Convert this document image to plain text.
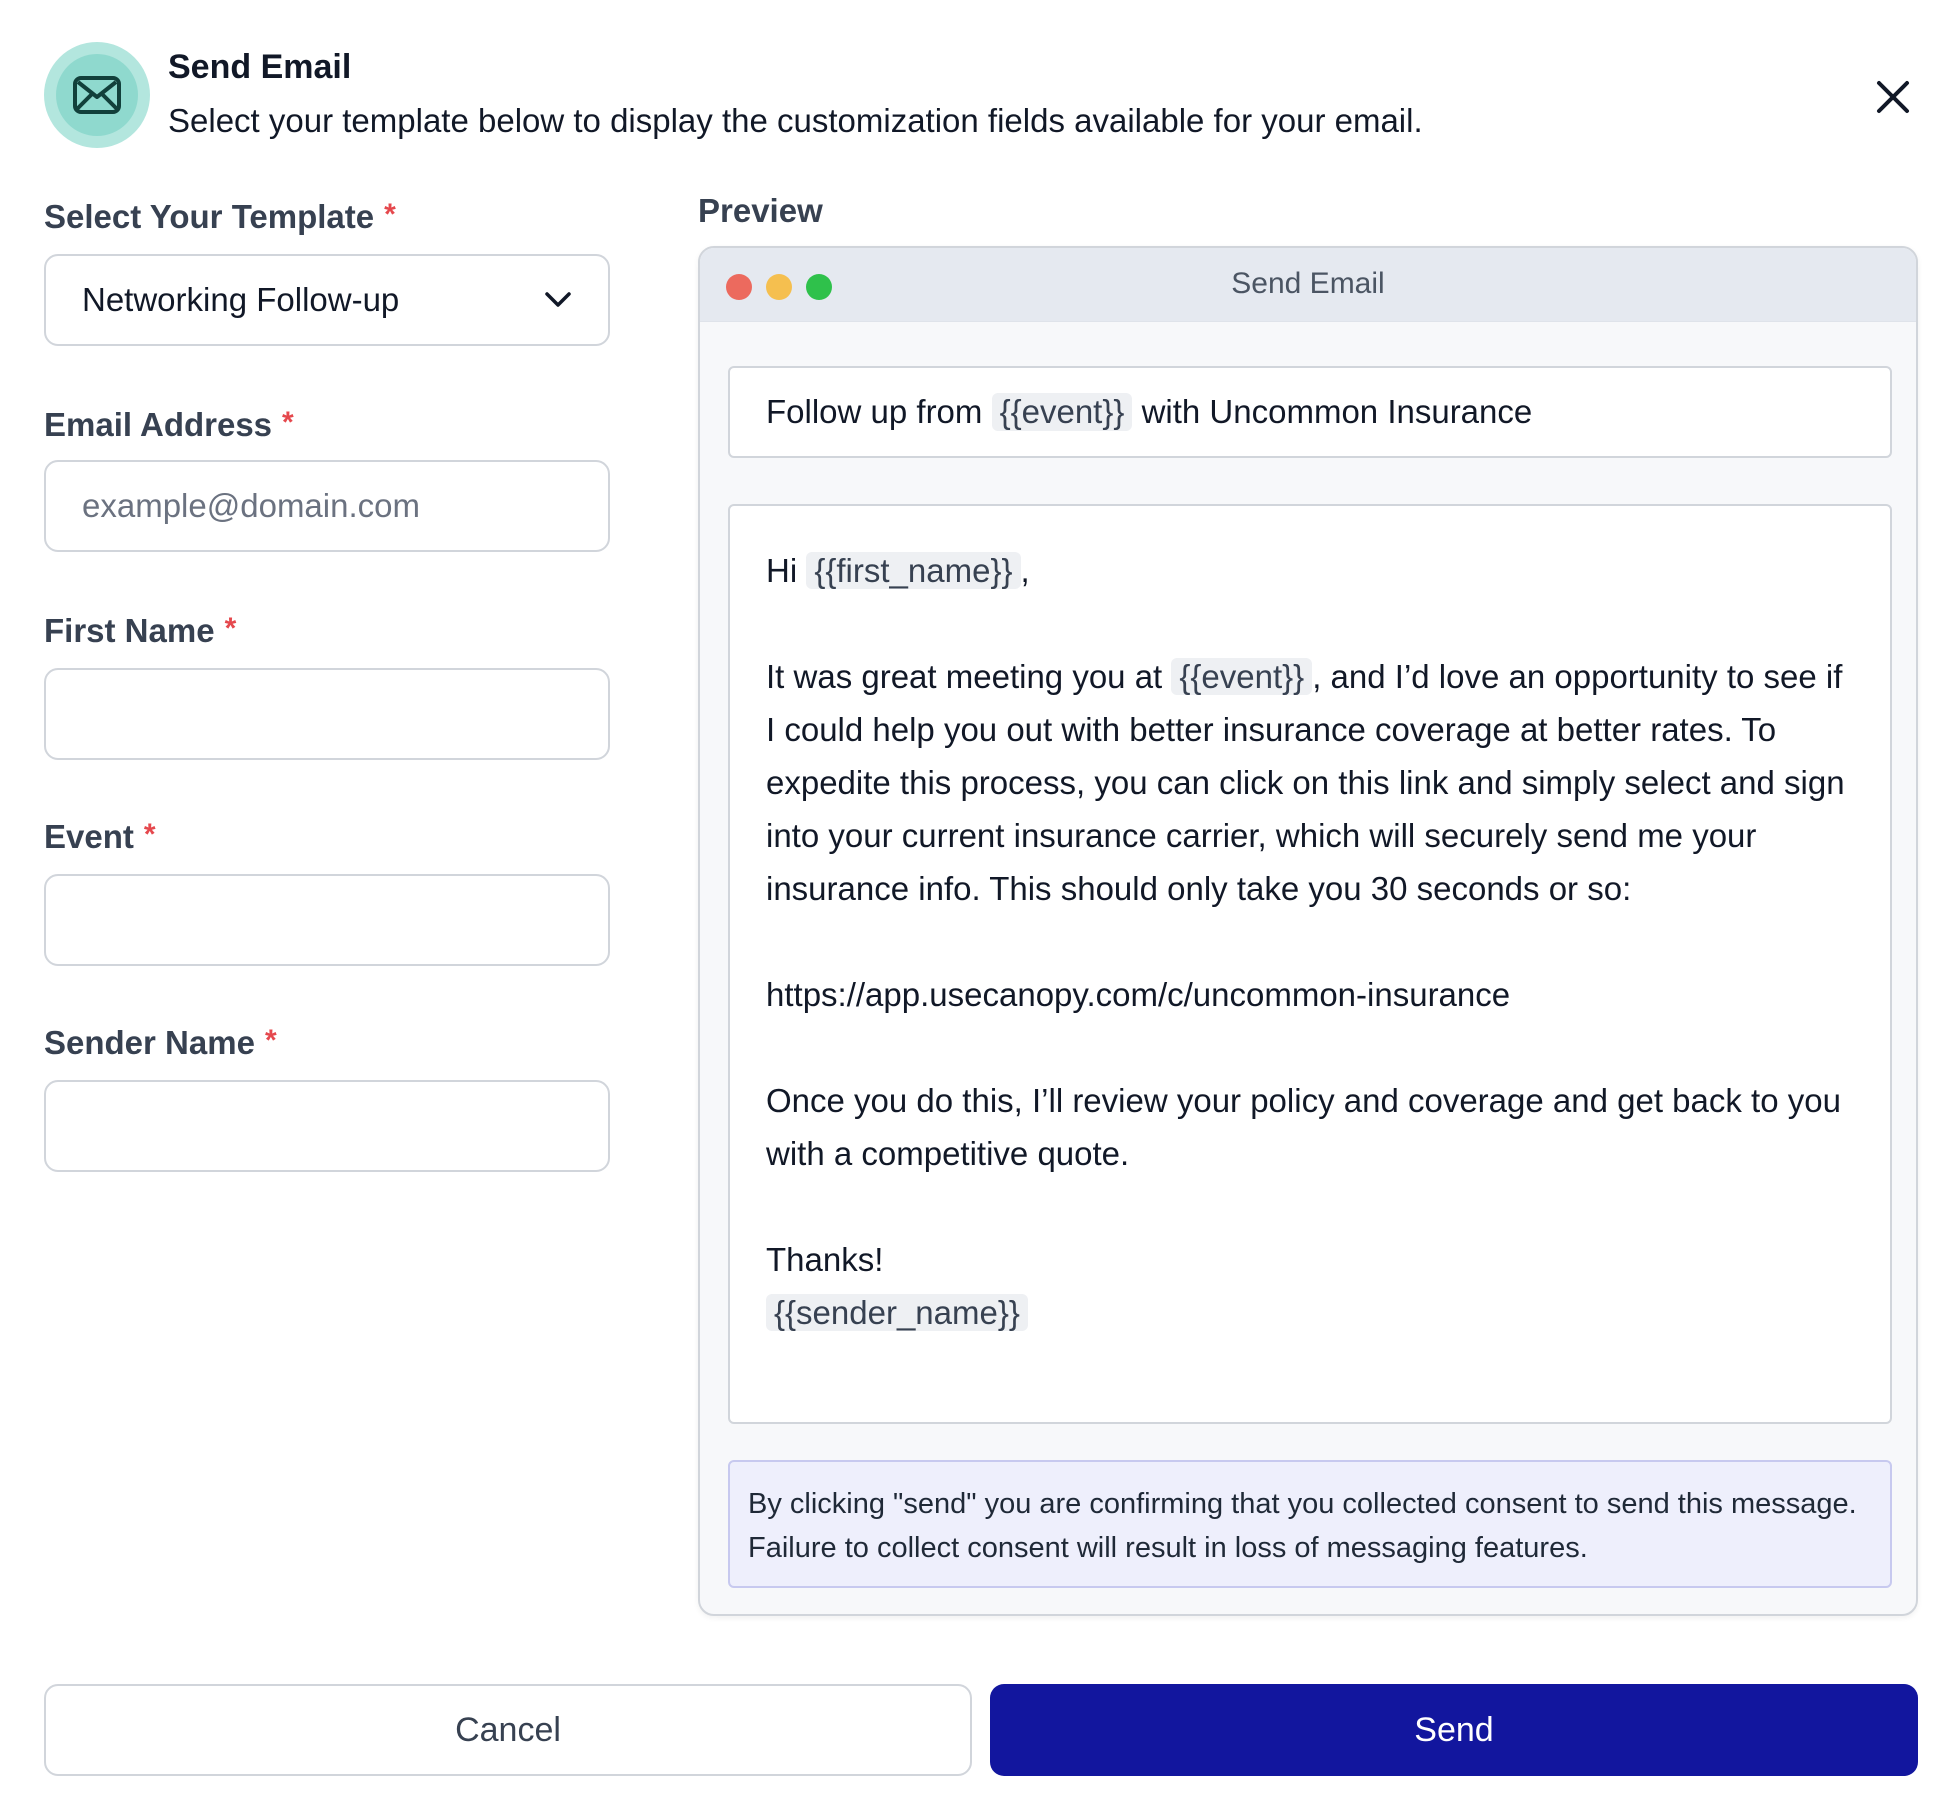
Send Email
Select your template below to display the customization fields available for your email.
Select Your Template *
Networking Follow-up
Email Address *
example@domain.com
First Name *
Event *
Sender Name *
Preview
Send Email
Follow up from
{{event}}
with Uncommon Insurance

Hi {{first_name}} ,

It was great meeting you at {{event}} , and I’d love an opportunity to see if I could help you out with better insurance coverage at better rates. To expedite this process, you can click on this link and simply select and sign into your current insurance carrier, which will securely send me your insurance info. This should only take you 30 seconds or so:

https://app.usecanopy.com/c/uncommon-insurance

Once you do this, I’ll review your policy and coverage and get back to you with a competitive quote.

Thanks!

{{sender_name}}

By clicking "send" you are confirming that you collected consent to send this message. Failure to collect consent will result in loss of messaging features.
Cancel	Send
